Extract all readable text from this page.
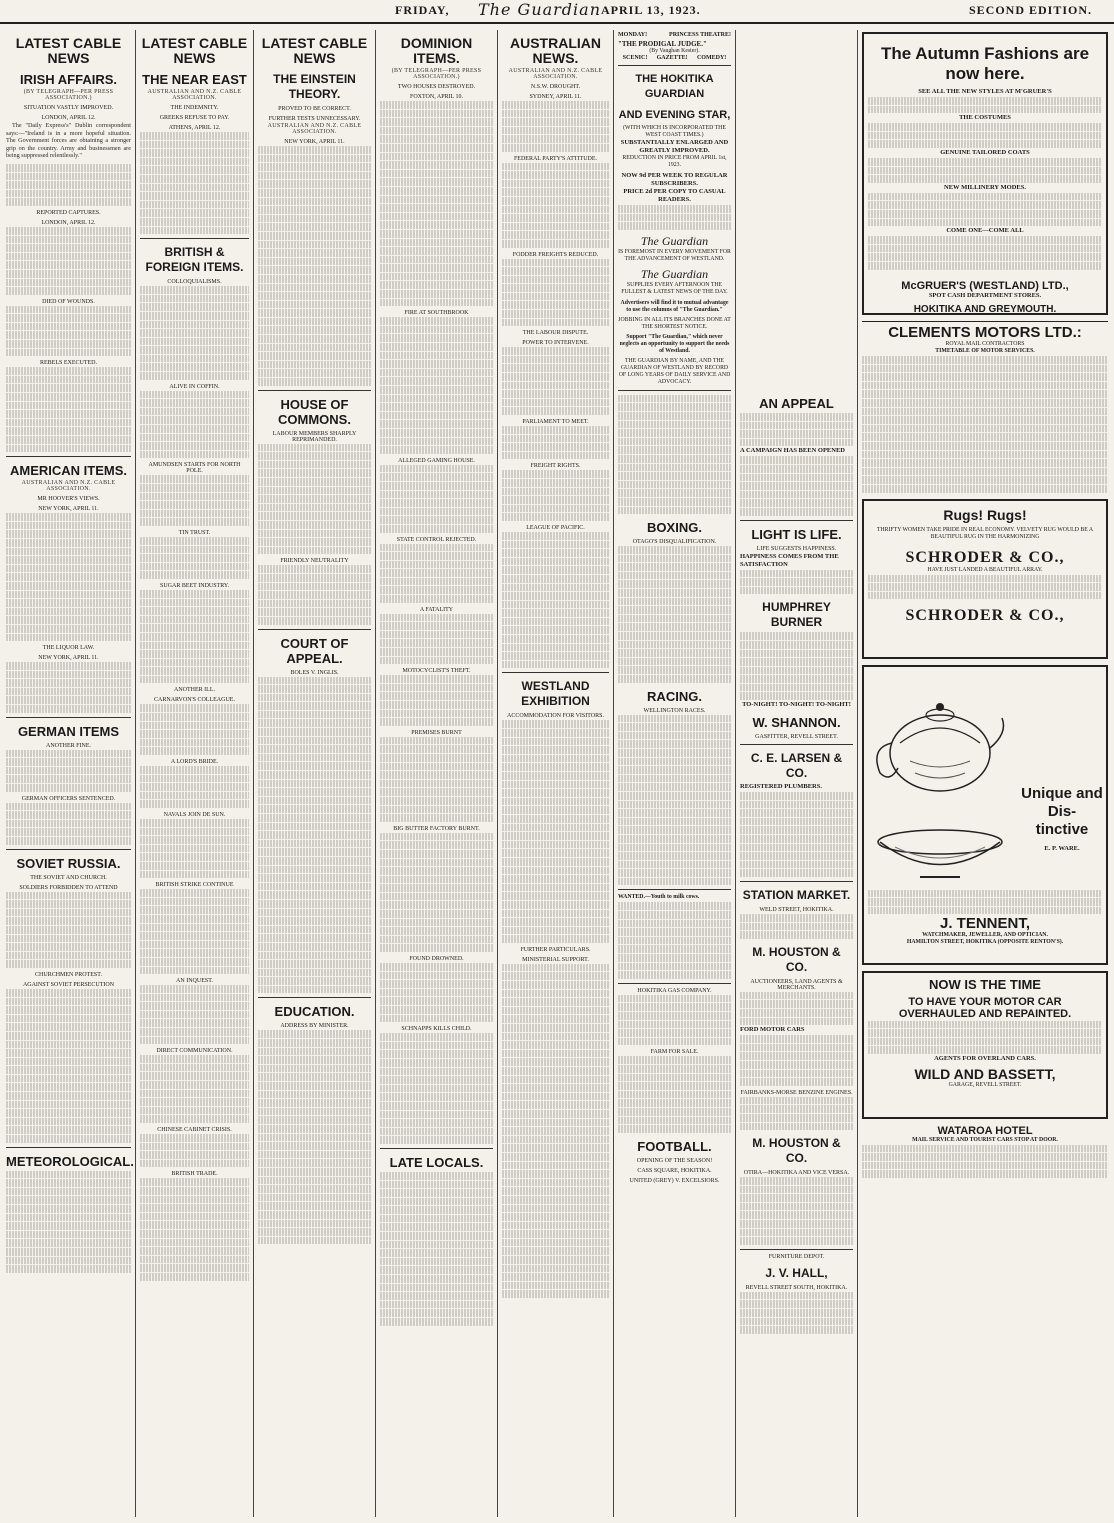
FRIDAY, The Guardian APRIL 13, 1923.	SECOND EDITION.
LATEST CABLE NEWS
IRISH AFFAIRS.
(BY TELEGRAPH—PER PRESS ASSOCIATION.)
SITUATION VASTLY IMPROVED.
LONDON, APRIL 12.

The "Daily Express's" Dublin correspondent says:—"Ireland is in a more hopeful situation. The Government forces are obtaining a stronger grip on the country. Army and businessmen are being suppressed relentlessly."

REPORTED CAPTURES.
LONDON, APRIL 12.
DIED OF WOUNDS.
REBELS EXECUTED.
AMERICAN ITEMS.
AUSTRALIAN AND N.Z. CABLE ASSOCIATION.
MR HOOVER'S VIEWS.
NEW YORK, APRIL 11.
THE LIQUOR LAW.
NEW YORK, APRIL 11.
GERMAN ITEMS
ANOTHER FINE.
GERMAN OFFICERS SENTENCED.
SOVIET RUSSIA.
THE SOVIET AND CHURCH.
SOLDIERS FORBIDDEN TO ATTEND
CHURCHMEN PROTEST.
AGAINST SOVIET PERSECUTION
METEOROLOGICAL.
LATEST CABLE NEWS
THE NEAR EAST
AUSTRALIAN AND N.Z. CABLE ASSOCIATION.
THE INDEMNITY.
GREEKS REFUSE TO PAY.
ATHENS, APRIL 12.
BRITISH & FOREIGN ITEMS.
COLLOQUIALISMS.
ALIVE IN COFFIN.
AMUNDSEN STARTS FOR NORTH POLE.
TIN TRUST.
SUGAR BEET INDUSTRY.
ANOTHER ILL.
CARNARVON'S COLLEAGUE.
A LORD'S BRIDE.
NAVALS JOIN DE SUN.
BRITISH STRIKE CONTINUE
AN INQUEST.
DIRECT COMMUNICATION.
CHINESE CABINET CRISIS.
BRITISH TRADE.
LATEST CABLE NEWS
THE EINSTEIN THEORY.
PROVED TO BE CORRECT.
FURTHER TESTS UNNECESSARY.
AUSTRALIAN AND N.Z. CABLE ASSOCIATION.
NEW YORK, APRIL 11.
HOUSE OF COMMONS.
LABOUR MEMBERS SHARPLY REPRIMANDED.
FRIENDLY NEUTRALITY
COURT OF APPEAL.
BOLES V. INGLIS.
EDUCATION.
ADDRESS BY MINISTER.
DOMINION ITEMS.
(BY TELEGRAPH—PER PRESS ASSOCIATION.)
TWO HOUSES DESTROYED.
FOXTON, APRIL 10.
FIRE AT SOUTHBROOK
ALLEGED GAMING HOUSE.
STATE CONTROL REJECTED.
A FATALITY
MOTOCYCLIST'S THEFT.
PREMISES BURNT
BIG BUTTER FACTORY BURNT.
FOUND DROWNED.
SCHNAPPS KILLS CHILD.
LATE LOCALS.
AUSTRALIAN NEWS.
AUSTRALIAN AND N.Z. CABLE ASSOCIATION.
N.S.W. DROUGHT.
SYDNEY, APRIL 11.
FEDERAL PARTY'S ATTITUDE.
FODDER FREIGHTS REDUCED.
THE LABOUR DISPUTE.
POWER TO INTERVENE.
PARLIAMENT TO MEET.
FREIGHT RIGHTS.
LEAGUE OF PACIFIC.
WESTLAND EXHIBITION
ACCOMMODATION FOR VISITORS.
FURTHER PARTICULARS.
MINISTERIAL SUPPORT.
MONDAY!	PRINCESS THEATRE!
"THE PRODIGAL JUDGE."
(By Vaughan Kester).
SCENIC! GAZETTE! COMEDY!
THE HOKITIKA GUARDIAN
AND EVENING STAR,
(WITH WHICH IS INCORPORATED THE WEST COAST TIMES.)
SUBSTANTIALLY ENLARGED AND GREATLY IMPROVED.
REDUCTION IN PRICE FROM APRIL 1st, 1923.
NOW 9d PER WEEK TO REGULAR SUBSCRIBERS.
PRICE 2d PER COPY TO CASUAL READERS.
The Guardian
IS FOREMOST IN EVERY MOVEMENT FOR THE ADVANCEMENT OF WESTLAND.
The Guardian
SUPPLIES EVERY AFTERNOON THE FULLEST & LATEST NEWS OF THE DAY.
Advertisers will find it to mutual advantage to use the columns of "The Guardian."
JOBBING IN ALL ITS BRANCHES DONE AT THE SHORTEST NOTICE.
Support "The Guardian," which never neglects an opportunity to support the needs of Westland.
THE GUARDIAN BY NAME, AND THE GUARDIAN OF WESTLAND BY RECORD OF LONG YEARS OF DAILY SERVICE AND ADVOCACY.
BOXING.
OTAGO'S DISQUALIFICATION.
RACING.
WELLINGTON RACES.
WANTED.—Youth to milk cows.
HOKITIKA GAS COMPANY.
FARM FOR SALE.
FOOTBALL.
OPENING OF THE SEASON!
CASS SQUARE, HOKITIKA.
UNITED (GREY) V. EXCELSIORS.
AN APPEAL
A CAMPAIGN HAS BEEN OPENED
LIGHT IS LIFE.
LIFE SUGGESTS HAPPINESS.
HAPPINESS COMES FROM THE SATISFACTION
HUMPHREY BURNER
TO-NIGHT! TO-NIGHT! TO-NIGHT!
W. SHANNON.
GASFITTER, REVELL STREET.
C. E. LARSEN & CO.
REGISTERED PLUMBERS.
STATION MARKET.
WELD STREET, HOKITIKA.
M. HOUSTON & CO.
AUCTIONEERS, LAND AGENTS & MERCHANTS.
FORD MOTOR CARS
FAIRBANKS-MORSE BENZINE ENGINES.
M. HOUSTON & CO.
OTIRA—HOKITIKA AND VICE VERSA.
FURNITURE DEPOT.
J. V. HALL,
REVELL STREET SOUTH, HOKITIKA.
The Autumn Fashions are
now here.
SEE ALL THE NEW STYLES AT M'GRUER'S
THE COSTUMES
GENUINE TAILORED COATS
NEW MILLINERY MODES.
COME ONE—COME ALL
McGRUER'S (WESTLAND) LTD.,
SPOT CASH DEPARTMENT STORES.
HOKITIKA AND GREYMOUTH.
CLEMENTS MOTORS LTD.:
ROYAL MAIL CONTRACTORS
TIMETABLE OF MOTOR SERVICES.
Rugs! Rugs!
THRIFTY WOMEN TAKE PRIDE IN REAL ECONOMY. VELVETY RUG WOULD BE A BEAUTIFUL RUG IN THE HARMONIZING
SCHRODER & CO.,
HAVE JUST LANDED A BEAUTIFUL ARRAY.
SCHRODER & CO.,
Unique and Dis-
tinctive
E. P. WARE.
J. TENNENT,
WATCHMAKER, JEWELLER, AND OPTICIAN.
HAMILTON STREET, HOKITIKA (OPPOSITE RENTON'S).
NOW IS THE TIME
TO HAVE YOUR MOTOR CAR
OVERHAULED AND REPAINTED.
AGENTS FOR OVERLAND CARS.
WILD AND BASSETT,
GARAGE, REVELL STREET.
WATAROA HOTEL
MAIL SERVICE AND TOURIST CARS STOP AT DOOR.
